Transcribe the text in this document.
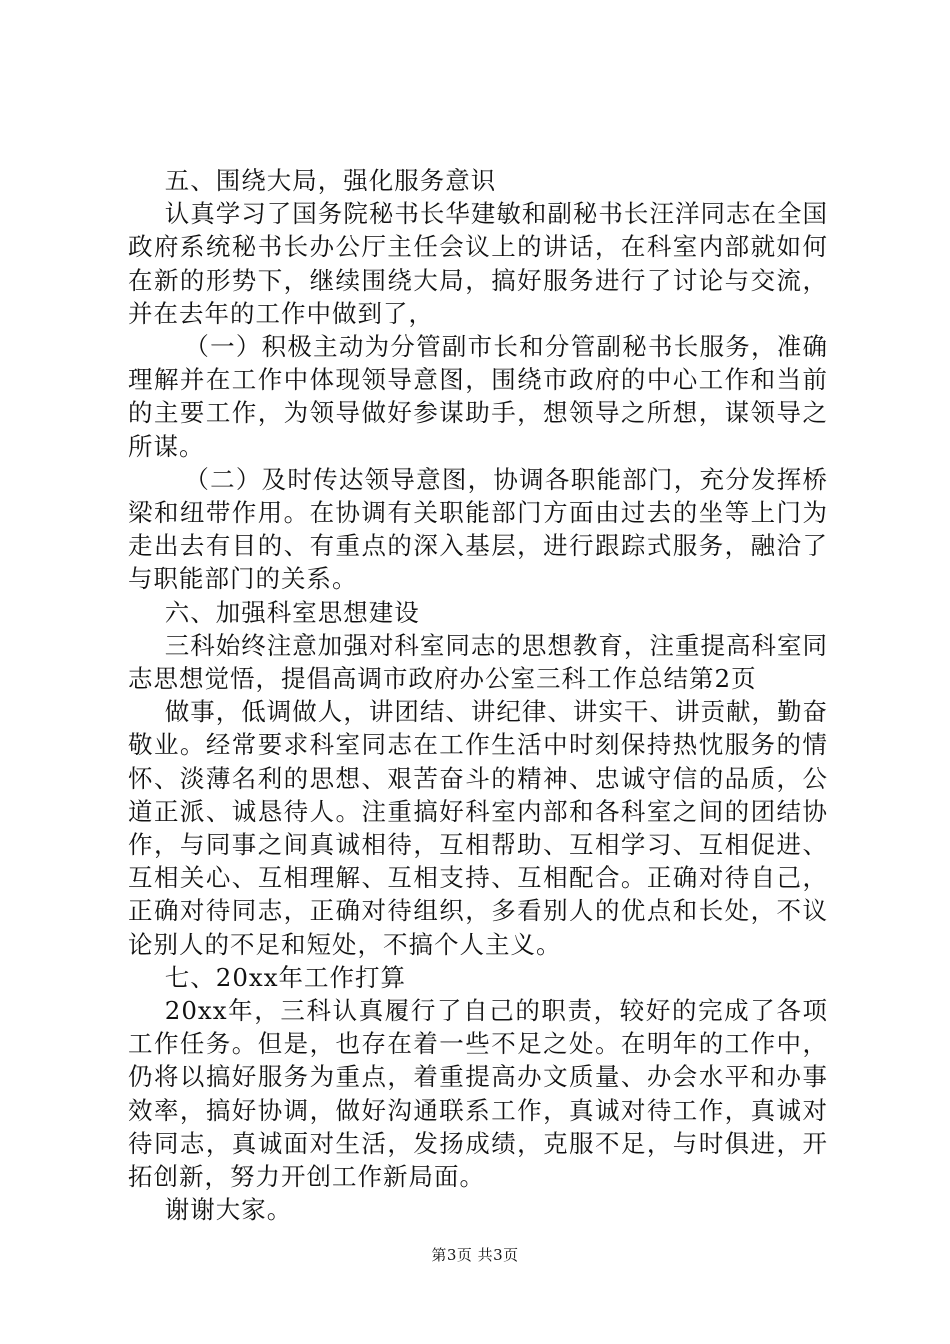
五、围绕大局，强化服务意识

认真学习了国务院秘书长华建敏和副秘书长汪洋同志在全国政府系统秘书长办公厅主任会议上的讲话，在科室内部就如何在新的形势下，继续围绕大局，搞好服务进行了讨论与交流，并在去年的工作中做到了，

（一）积极主动为分管副市长和分管副秘书长服务，准确理解并在工作中体现领导意图，围绕市政府的中心工作和当前的主要工作，为领导做好参谋助手，想领导之所想，谋领导之所谋。

（二）及时传达领导意图，协调各职能部门，充分发挥桥梁和纽带作用。在协调有关职能部门方面由过去的坐等上门为走出去有目的、有重点的深入基层，进行跟踪式服务，融洽了与职能部门的关系。

六、加强科室思想建设

三科始终注意加强对科室同志的思想教育，注重提高科室同志思想觉悟，提倡高调市政府办公室三科工作总结第2页

做事，低调做人，讲团结、讲纪律、讲实干、讲贡献，勤奋敬业。经常要求科室同志在工作生活中时刻保持热忱服务的情怀、淡薄名利的思想、艰苦奋斗的精神、忠诚守信的品质，公道正派、诚恳待人。注重搞好科室内部和各科室之间的团结协作，与同事之间真诚相待，互相帮助、互相学习、互相促进、互相关心、互相理解、互相支持、互相配合。正确对待自己，正确对待同志，正确对待组织，多看别人的优点和长处，不议论别人的不足和短处，不搞个人主义。

七、20xx年工作打算

20xx年，三科认真履行了自己的职责，较好的完成了各项工作任务。但是，也存在着一些不足之处。在明年的工作中，仍将以搞好服务为重点，着重提高办文质量、办会水平和办事效率，搞好协调，做好沟通联系工作，真诚对待工作，真诚对待同志，真诚面对生活，发扬成绩，克服不足，与时俱进，开拓创新，努力开创工作新局面。

谢谢大家。

第3页 共3页
